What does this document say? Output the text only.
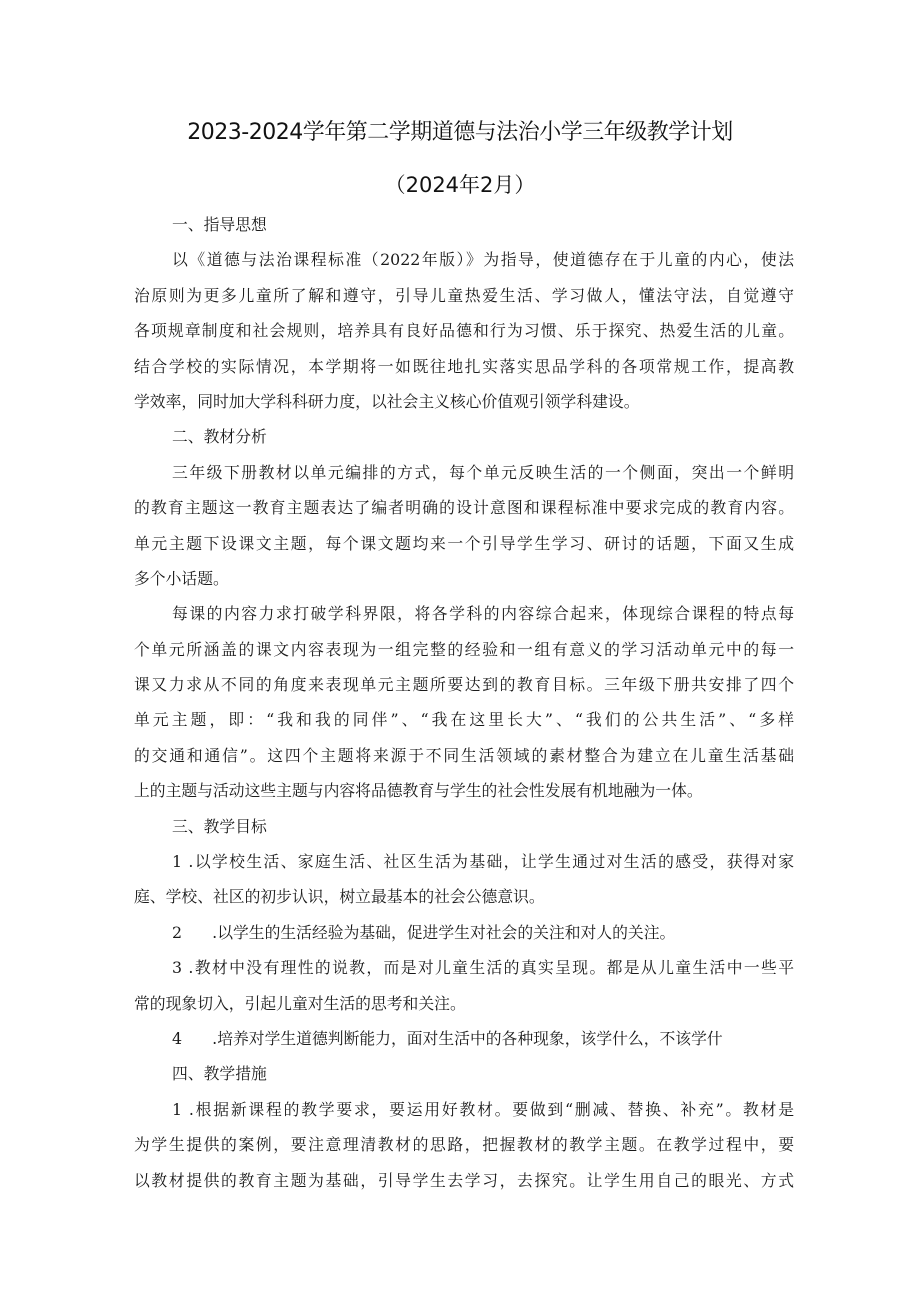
2023-2024学年第二学期道德与法治小学三年级教学计划
（2024年2月）
一、指导思想
以《道德与法治课程标准（2022年版）》为指导，使道德存在于儿童的内心，使法
治原则为更多儿童所了解和遵守，引导儿童热爱生活、学习做人，懂法守法，自觉遵守
各项规章制度和社会规则，培养具有良好品德和行为习惯、乐于探究、热爱生活的儿童。
结合学校的实际情况，本学期将一如既往地扎实落实思品学科的各项常规工作，提高教
学效率，同时加大学科科研力度，以社会主义核心价值观引领学科建设。
二、教材分析
三年级下册教材以单元编排的方式，每个单元反映生活的一个侧面，突出一个鲜明
的教育主题这一教育主题表达了编者明确的设计意图和课程标准中要求完成的教育内容。
单元主题下设课文主题，每个课文题均来一个引导学生学习、研讨的话题，下面又生成
多个小话题。
每课的内容力求打破学科界限，将各学科的内容综合起来，体现综合课程的特点每
个单元所涵盖的课文内容表现为一组完整的经验和一组有意义的学习活动单元中的每一
课又力求从不同的角度来表现单元主题所要达到的教育目标。三年级下册共安排了四个
单元主题，即：“我和我的同伴”、“我在这里长大”、“我们的公共生活”、“多样
的交通和通信”。这四个主题将来源于不同生活领域的素材整合为建立在儿童生活基础
上的主题与活动这些主题与内容将品德教育与学生的社会性发展有机地融为一体。
三、教学目标
1 .以学校生活、家庭生活、社区生活为基础，让学生通过对生活的感受，获得对家
庭、学校、社区的初步认识，树立最基本的社会公德意识。
2      .以学生的生活经验为基础，促进学生对社会的关注和对人的关注。
3 .教材中没有理性的说教，而是对儿童生活的真实呈现。都是从儿童生活中一些平
常的现象切入，引起儿童对生活的思考和关注。
4      .培养对学生道德判断能力，面对生活中的各种现象，该学什么，不该学什
四、教学措施
1 .根据新课程的教学要求，要运用好教材。要做到“删减、替换、补充”。教材是
为学生提供的案例，要注意理清教材的思路，把握教材的教学主题。在教学过程中，要
以教材提供的教育主题为基础，引导学生去学习，去探究。让学生用自己的眼光、方式
